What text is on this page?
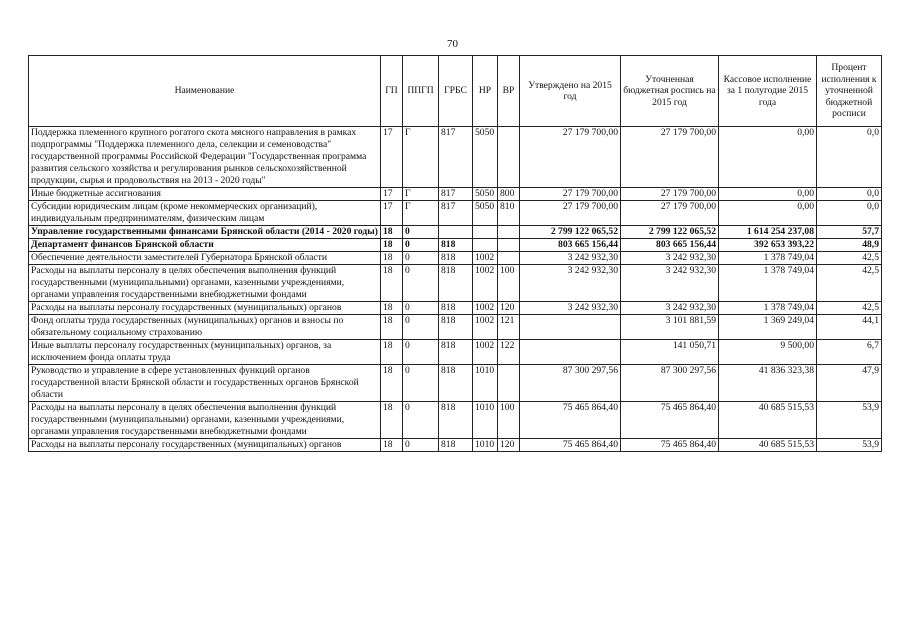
70
Наименование	ГП	ППГП	ГРБС	НР	ВР	Утверждено на 2015 год	Уточненная бюджетная роспись на 2015 год	Кассовое исполнение за 1 полугодие 2015 года	Процент исполнения к уточненной бюджетной росписи
Поддержка племенного крупного рогатого скота мясного направления в рамках подпрограммы "Поддержка племенного дела, селекции и семеноводства" государственной программы Российской Федерации "Государственная программа развития сельского хозяйства и регулирования рынков сельскохозяйственной продукции, сырья и продовольствия на 2013 - 2020 годы"	17	Г	817	5050		27 179 700,00	27 179 700,00	0,00	0,0
Иные бюджетные ассигнования	17	Г	817	5050	800	27 179 700,00	27 179 700,00	0,00	0,0
Субсидии юридическим лицам (кроме некоммерческих организаций), индивидуальным предпринимателям, физическим лицам	17	Г	817	5050	810	27 179 700,00	27 179 700,00	0,00	0,0
Управление государственными финансами Брянской области (2014 - 2020 годы)	18	0				2 799 122 065,52	2 799 122 065,52	1 614 254 237,08	57,7
Департамент финансов Брянской области	18	0	818			803 665 156,44	803 665 156,44	392 653 393,22	48,9
Обеспечение деятельности заместителей Губернатора Брянской области	18	0	818	1002		3 242 932,30	3 242 932,30	1 378 749,04	42,5
Расходы на выплаты персоналу в целях обеспечения выполнения функций государственными (муниципальными) органами, казенными учреждениями, органами управления государственными внебюджетными фондами	18	0	818	1002	100	3 242 932,30	3 242 932,30	1 378 749,04	42,5
Расходы на выплаты персоналу государственных (муниципальных) органов	18	0	818	1002	120	3 242 932,30	3 242 932,30	1 378 749,04	42,5
Фонд оплаты труда государственных (муниципальных) органов и взносы по обязательному социальному страхованию	18	0	818	1002	121		3 101 881,59	1 369 249,04	44,1
Иные выплаты персоналу государственных (муниципальных) органов, за исключением фонда оплаты труда	18	0	818	1002	122		141 050,71	9 500,00	6,7
Руководство и управление в сфере установленных функций органов государственной власти Брянской области и государственных органов Брянской области	18	0	818	1010		87 300 297,56	87 300 297,56	41 836 323,38	47,9
Расходы на выплаты персоналу в целях обеспечения выполнения функций государственными (муниципальными) органами, казенными учреждениями, органами управления государственными внебюджетными фондами	18	0	818	1010	100	75 465 864,40	75 465 864,40	40 685 515,53	53,9
Расходы на выплаты персоналу государственных (муниципальных) органов	18	0	818	1010	120	75 465 864,40	75 465 864,40	40 685 515,53	53,9
